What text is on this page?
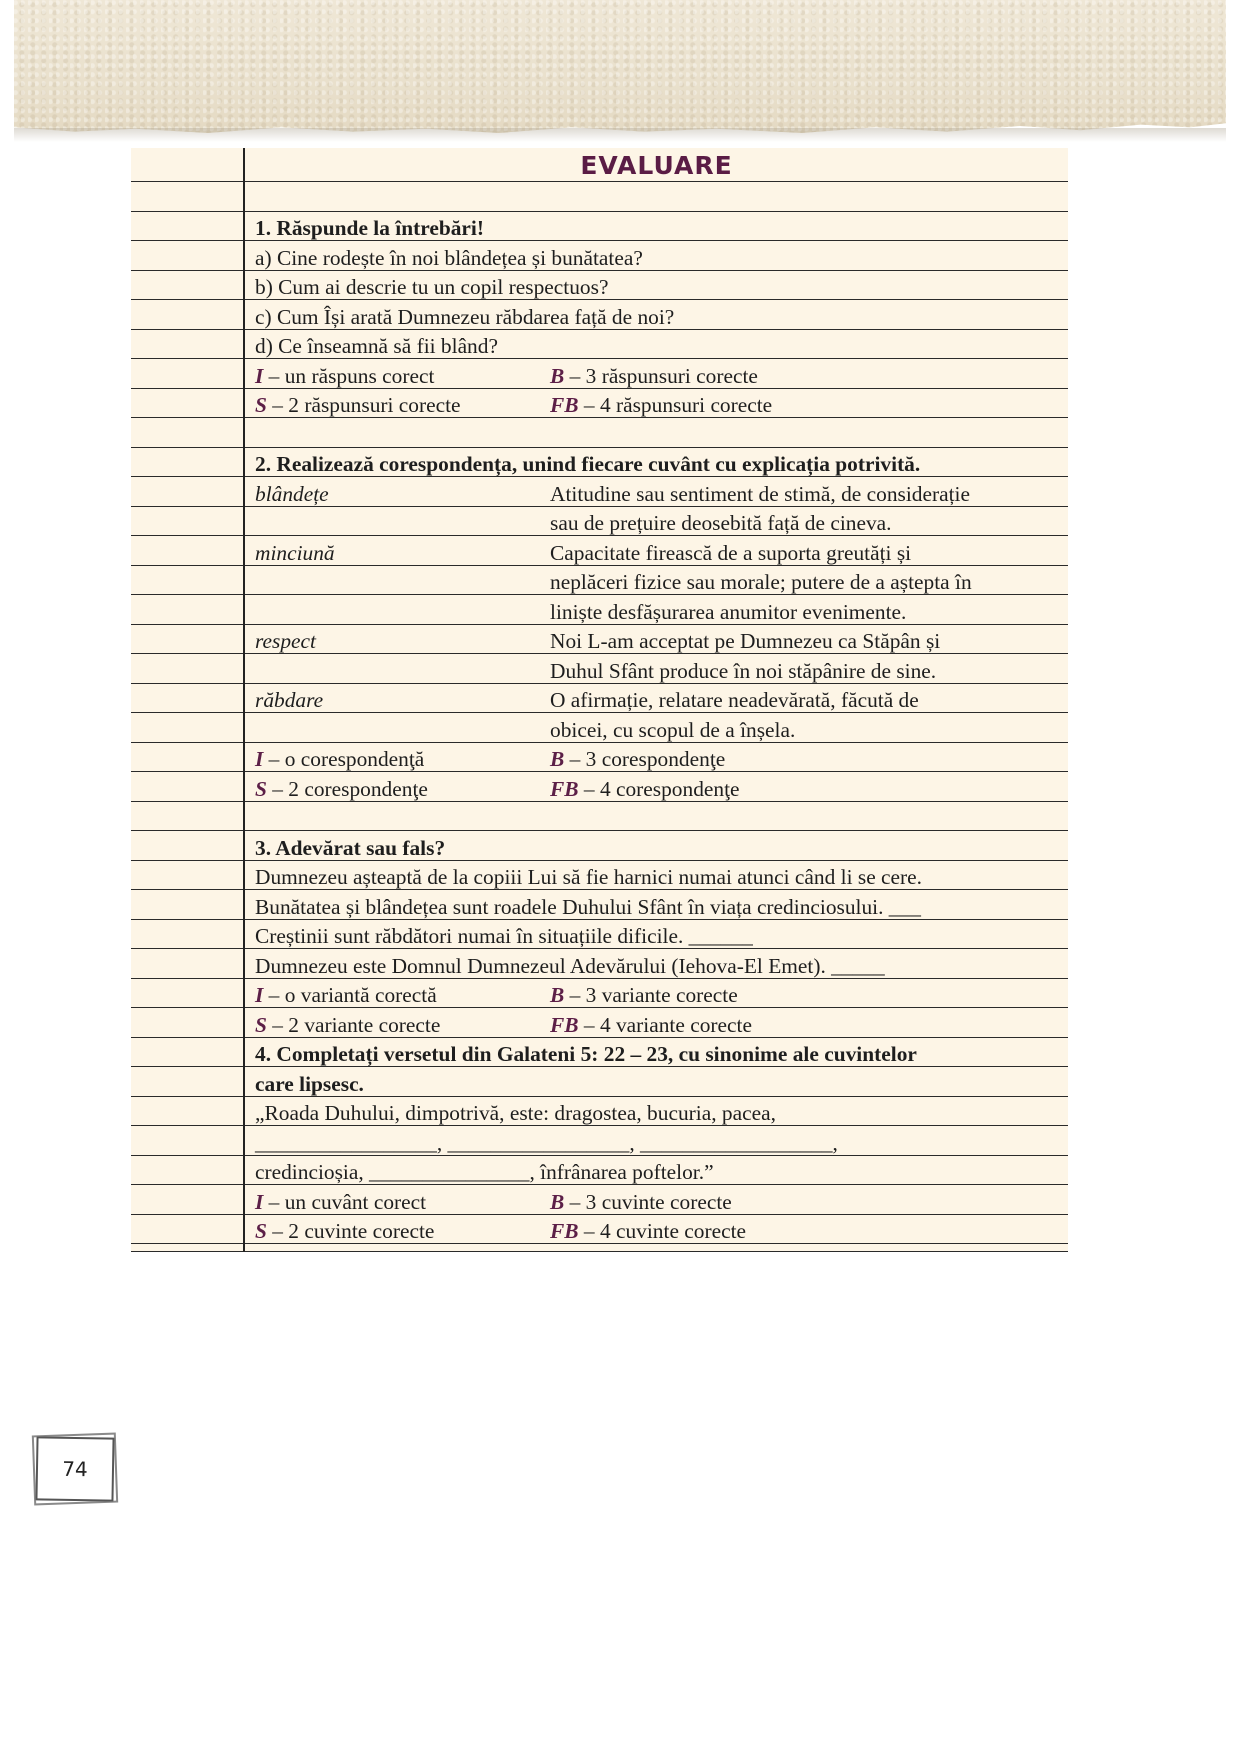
EVALUARE
1. Răspunde la întrebări!
a) Cine rodește în noi blândețea și bunătatea?
b) Cum ai descrie tu un copil respectuos?
c) Cum Își arată Dumnezeu răbdarea față de noi?
d) Ce înseamnă să fii blând?
I – un răspuns corect	B – 3 răspunsuri corecte
S – 2 răspunsuri corecte	FB – 4 răspunsuri corecte
2. Realizează corespondența, unind fiecare cuvânt cu explicația potrivită.
blândețe	Atitudine sau sentiment de stimă, de considerație
sau de prețuire deosebită față de cineva.
minciună	Capacitate firească de a suporta greutăți și
neplăceri fizice sau morale; putere de a aștepta în
liniște desfășurarea anumitor evenimente.
respect	Noi L-am acceptat pe Dumnezeu ca Stăpân și
Duhul Sfânt produce în noi stăpânire de sine.
răbdare	O afirmație, relatare neadevărată, făcută de
obicei, cu scopul de a înșela.
I – o corespondenţă	B – 3 corespondenţe
S – 2 corespondenţe	FB – 4 corespondenţe
3. Adevărat sau fals?
Dumnezeu așteaptă de la copiii Lui să fie harnici numai atunci când li se cere.
Bunătatea și blândețea sunt roadele Duhului Sfânt în viața credinciosului. ___
Creștinii sunt răbdători numai în situațiile dificile. ______
Dumnezeu este Domnul Dumnezeul Adevărului (Iehova-El Emet). _____
I – o variantă corectă	B – 3 variante corecte
S – 2 variante corecte	FB – 4 variante corecte
4. Completați versetul din Galateni 5: 22 – 23, cu sinonime ale cuvintelor
care lipsesc.
„Roada Duhului, dimpotrivă, este: dragostea, bucuria, pacea,
_________________, _________________, __________________,
credincioșia, _______________, înfrânarea poftelor.”
I – un cuvânt corect	B – 3 cuvinte corecte
S – 2 cuvinte corecte	FB – 4 cuvinte corecte
74
